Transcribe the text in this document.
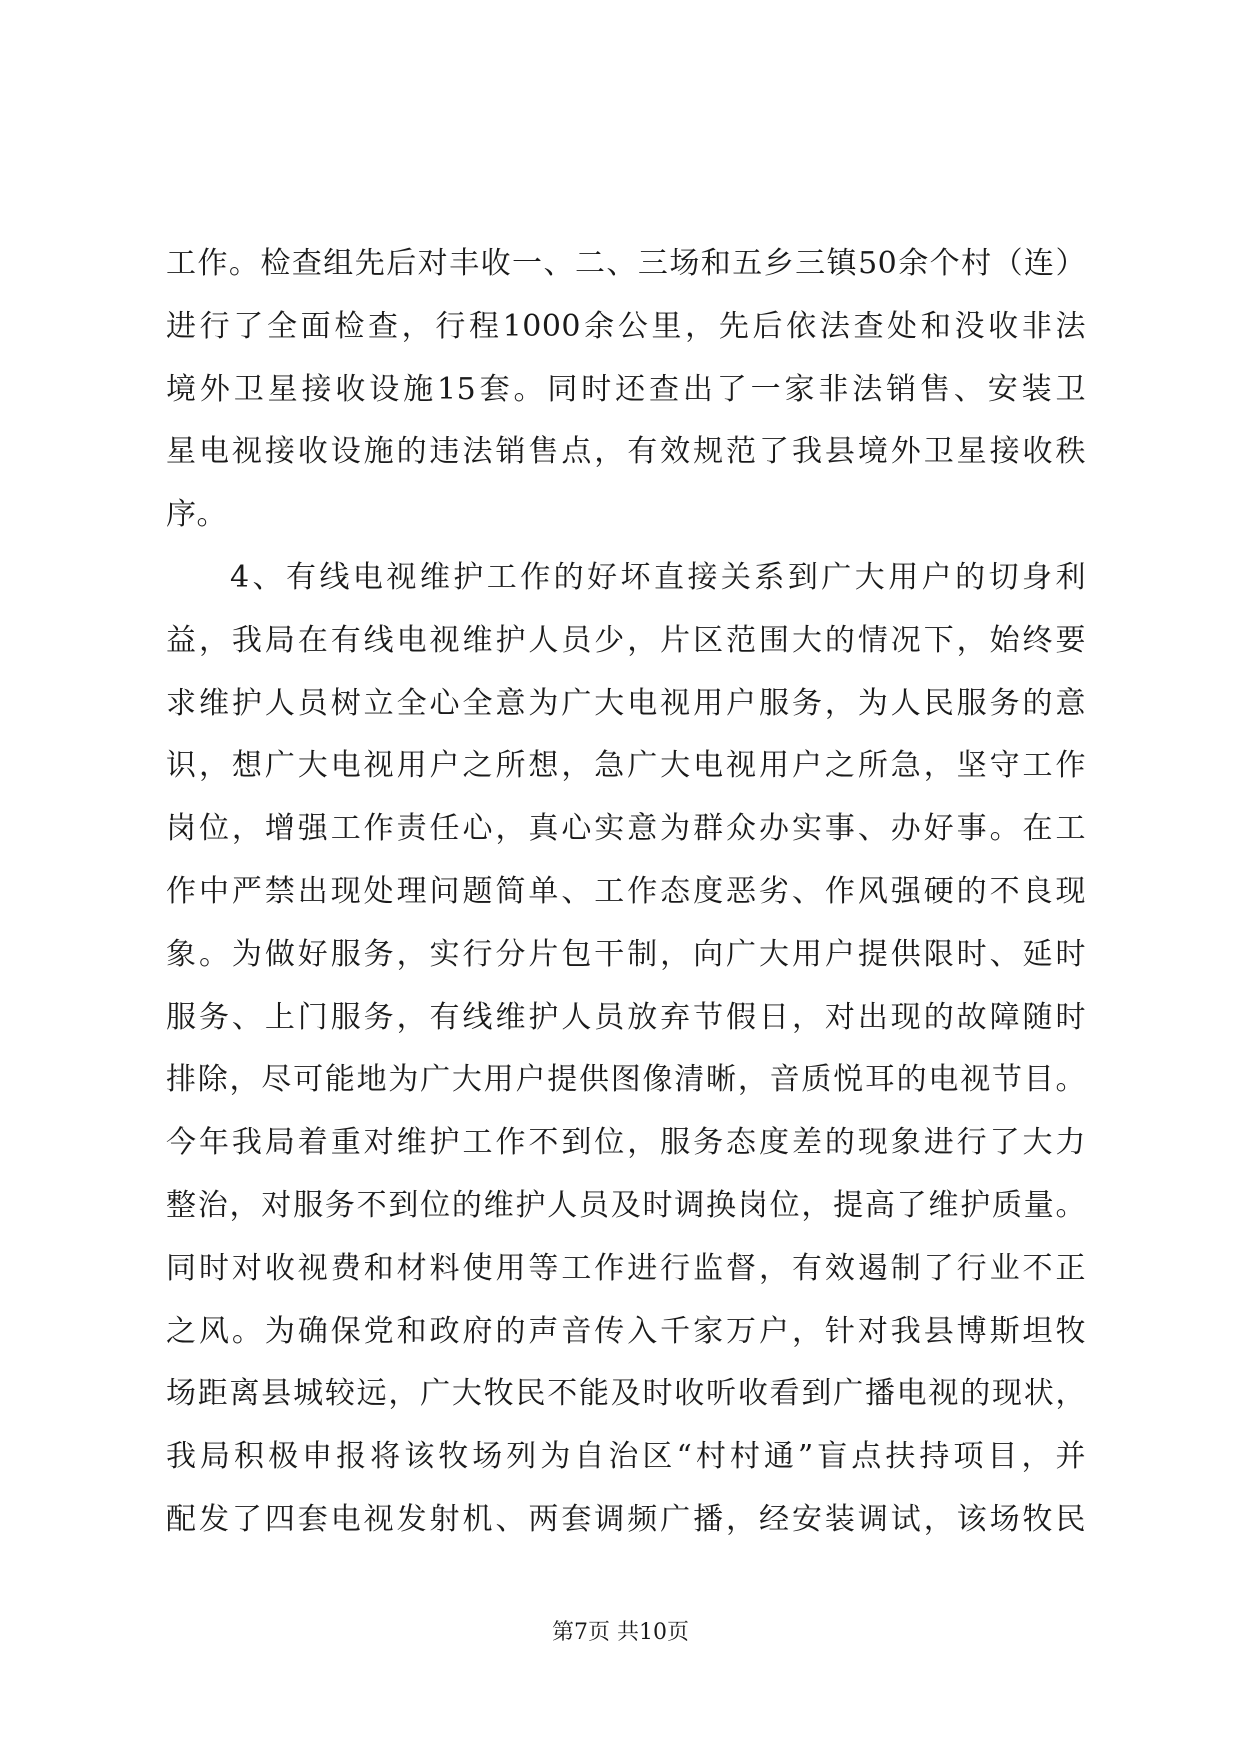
工作。检查组先后对丰收一、二、三场和五乡三镇50余个村（连）
进行了全面检查，行程1000余公里，先后依法查处和没收非法
境外卫星接收设施15套。同时还查出了一家非法销售、安装卫
星电视接收设施的违法销售点，有效规范了我县境外卫星接收秩
序。
4、有线电视维护工作的好坏直接关系到广大用户的切身利
益，我局在有线电视维护人员少，片区范围大的情况下，始终要
求维护人员树立全心全意为广大电视用户服务，为人民服务的意
识，想广大电视用户之所想，急广大电视用户之所急，坚守工作
岗位，增强工作责任心，真心实意为群众办实事、办好事。在工
作中严禁出现处理问题简单、工作态度恶劣、作风强硬的不良现
象。为做好服务，实行分片包干制，向广大用户提供限时、延时
服务、上门服务，有线维护人员放弃节假日，对出现的故障随时
排除，尽可能地为广大用户提供图像清晰，音质悦耳的电视节目。
今年我局着重对维护工作不到位，服务态度差的现象进行了大力
整治，对服务不到位的维护人员及时调换岗位，提高了维护质量。
同时对收视费和材料使用等工作进行监督，有效遏制了行业不正
之风。为确保党和政府的声音传入千家万户，针对我县博斯坦牧
场距离县城较远，广大牧民不能及时收听收看到广播电视的现状，
我局积极申报将该牧场列为自治区“村村通”盲点扶持项目，并
配发了四套电视发射机、两套调频广播，经安装调试，该场牧民
第7页 共10页
